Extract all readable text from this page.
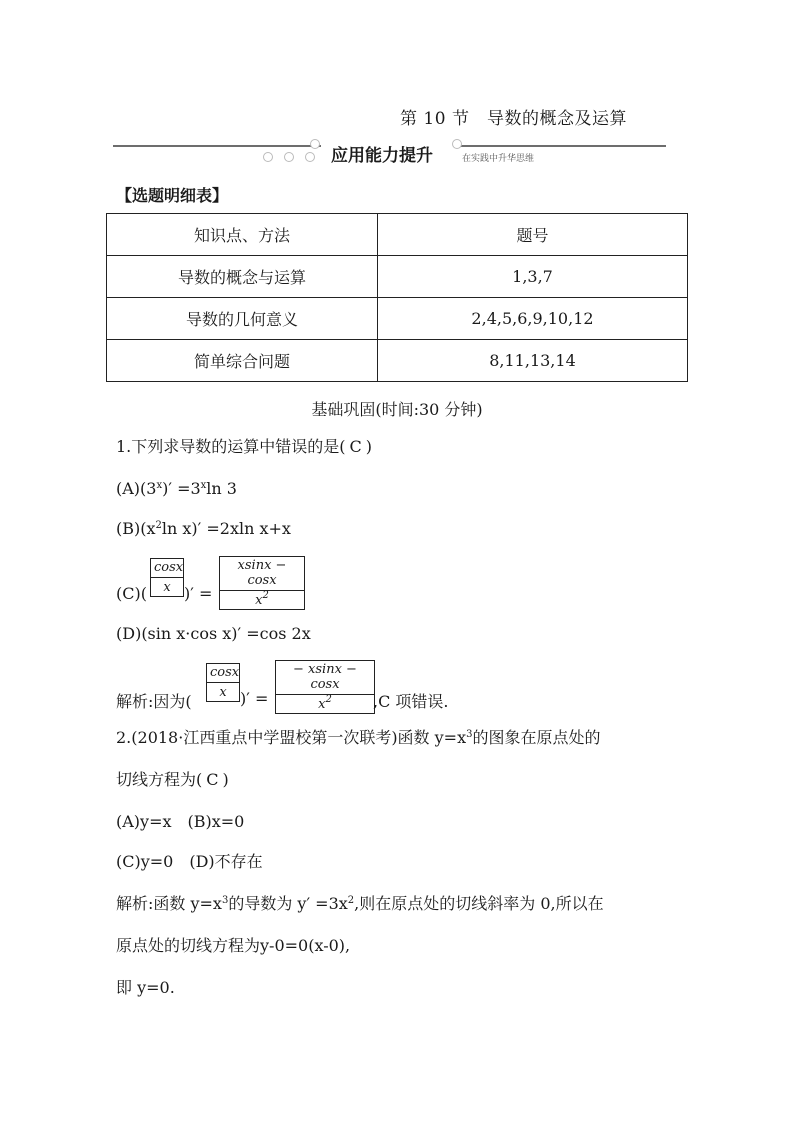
第 10 节　导数的概念及运算
应用能力提升	在实践中升华思维
【选题明细表】
知识点、方法	题号
导数的概念与运算	1,3,7
导数的几何意义	2,4,5,6,9,10,12
简单综合问题	8,11,13,14
基础巩固(时间:30 分钟)
1.下列求导数的运算中错误的是( C )
$(A)(3^x)' =3^x\ln$ 3
$(B)(x^2\ln$ x)′ =2xln x+x
$(C)( \frac{\cos x}{x}$ )′ = $\frac{xsinx - \cos x}{x^2}$
(D)(sin x·cos x)′ =cos 2x
解析:因为( $\frac{\cos x}{x}$ )′ = $\frac{- xsinx - \cos x}{x^2}$
,C 项错误.
2.(2018·江西重点中学盟校第一次联考)函数 $y=x^3$的图象在原点处的
切线方程为( C )
(A)y=x　(B)x=0
(C)y=0　(D)不存在
解析:函数 $y=x^3$的导数为 $y' =3x^2$,则在原点处的切线斜率为 0,所以在
原点处的切线方程为y-0=0(x-0),
即 y=0.
